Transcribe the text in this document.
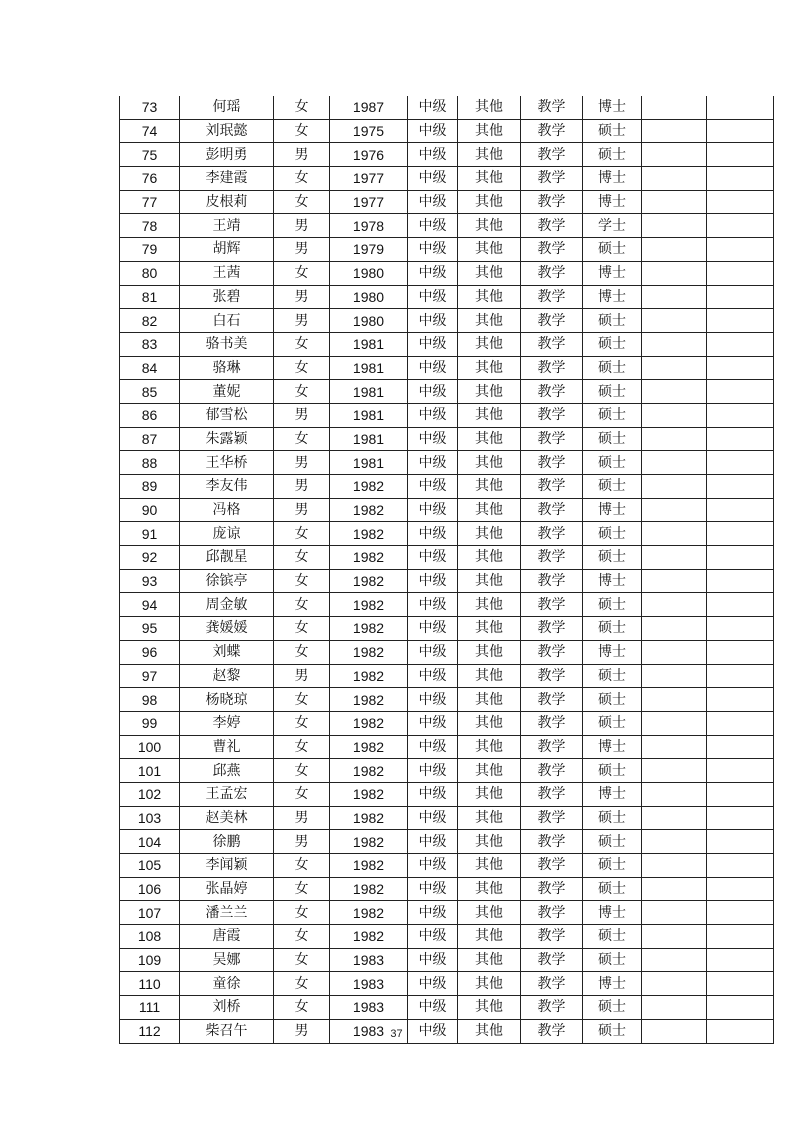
73	何瑶	女	1987	中级	其他	教学	博士		
74	刘珉懿	女	1975	中级	其他	教学	硕士		
75	彭明勇	男	1976	中级	其他	教学	硕士		
76	李建霞	女	1977	中级	其他	教学	博士		
77	皮根莉	女	1977	中级	其他	教学	博士		
78	王靖	男	1978	中级	其他	教学	学士		
79	胡辉	男	1979	中级	其他	教学	硕士		
80	王茜	女	1980	中级	其他	教学	博士		
81	张碧	男	1980	中级	其他	教学	博士		
82	白石	男	1980	中级	其他	教学	硕士		
83	骆书美	女	1981	中级	其他	教学	硕士		
84	骆琳	女	1981	中级	其他	教学	硕士		
85	董妮	女	1981	中级	其他	教学	硕士		
86	郁雪松	男	1981	中级	其他	教学	硕士		
87	朱露颖	女	1981	中级	其他	教学	硕士		
88	王华桥	男	1981	中级	其他	教学	硕士		
89	李友伟	男	1982	中级	其他	教学	硕士		
90	冯格	男	1982	中级	其他	教学	博士		
91	庞谅	女	1982	中级	其他	教学	硕士		
92	邱靓星	女	1982	中级	其他	教学	硕士		
93	徐镔亭	女	1982	中级	其他	教学	博士		
94	周金敏	女	1982	中级	其他	教学	硕士		
95	龚媛媛	女	1982	中级	其他	教学	硕士		
96	刘蝶	女	1982	中级	其他	教学	博士		
97	赵黎	男	1982	中级	其他	教学	硕士		
98	杨晓琼	女	1982	中级	其他	教学	硕士		
99	李婷	女	1982	中级	其他	教学	硕士		
100	曹礼	女	1982	中级	其他	教学	博士		
101	邱燕	女	1982	中级	其他	教学	硕士		
102	王孟宏	女	1982	中级	其他	教学	博士		
103	赵美林	男	1982	中级	其他	教学	硕士		
104	徐鹏	男	1982	中级	其他	教学	硕士		
105	李闻颖	女	1982	中级	其他	教学	硕士		
106	张晶婷	女	1982	中级	其他	教学	硕士		
107	潘兰兰	女	1982	中级	其他	教学	博士		
108	唐霞	女	1982	中级	其他	教学	硕士		
109	吴娜	女	1983	中级	其他	教学	硕士		
110	童徐	女	1983	中级	其他	教学	博士		
111	刘桥	女	1983	中级	其他	教学	硕士		
112	柴召午	男	1983	中级	其他	教学	硕士		
37
